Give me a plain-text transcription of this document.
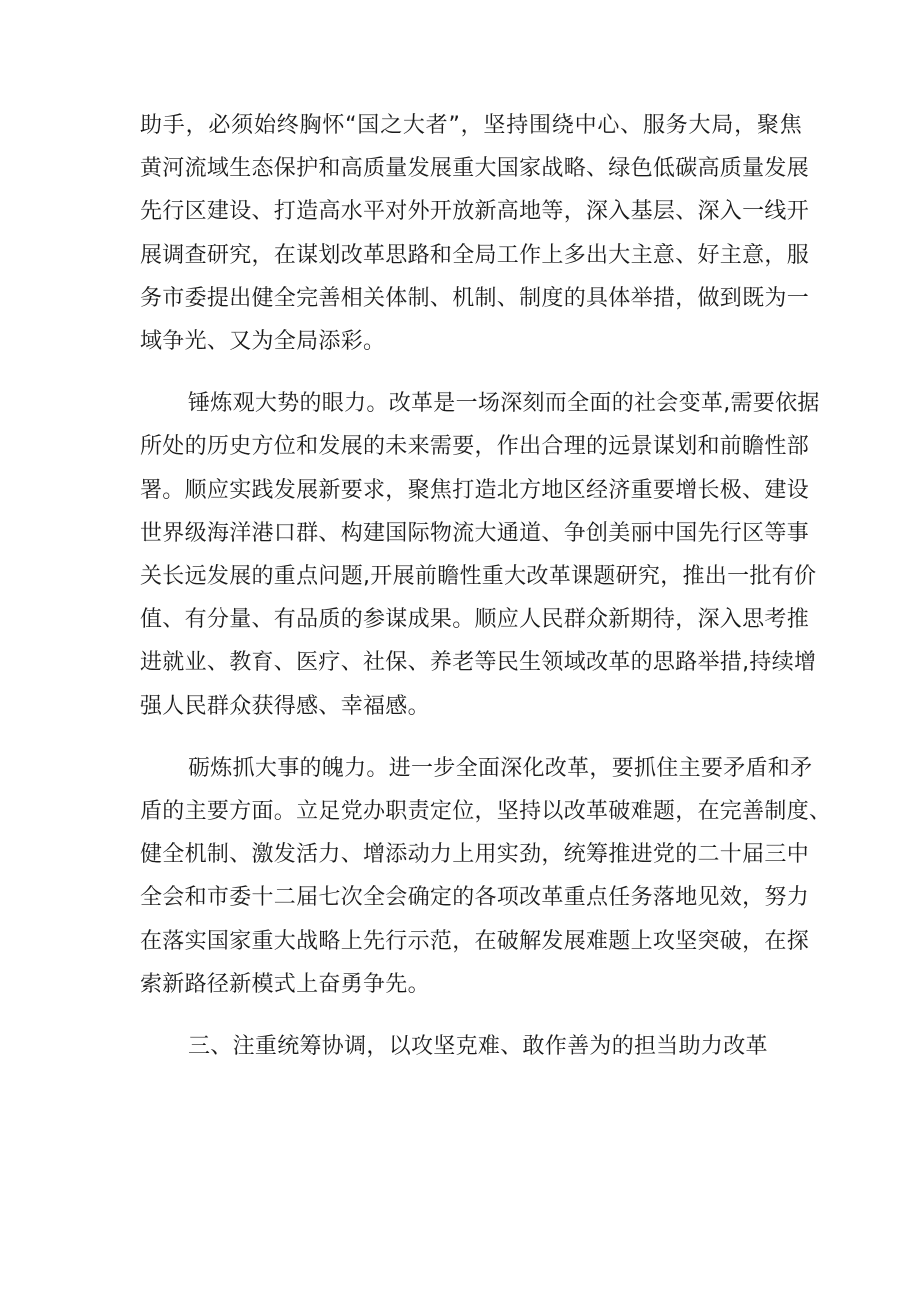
助手，必须始终胸怀“国之大者”，坚持围绕中心、服务大局，聚焦
黄河流域生态保护和高质量发展重大国家战略、绿色低碳高质量发展
先行区建设、打造高水平对外开放新高地等，深入基层、深入一线开
展调查研究，在谋划改革思路和全局工作上多出大主意、好主意，服
务市委提出健全完善相关体制、机制、制度的具体举措，做到既为一
域争光、又为全局添彩。
锤炼观大势的眼力。改革是一场深刻而全面的社会变革,需要依据
所处的历史方位和发展的未来需要，作出合理的远景谋划和前瞻性部
署。顺应实践发展新要求，聚焦打造北方地区经济重要增长极、建设
世界级海洋港口群、构建国际物流大通道、争创美丽中国先行区等事
关长远发展的重点问题,开展前瞻性重大改革课题研究，推出一批有价
值、有分量、有品质的参谋成果。顺应人民群众新期待，深入思考推
进就业、教育、医疗、社保、养老等民生领域改革的思路举措,持续增
强人民群众获得感、幸福感。
砺炼抓大事的魄力。进一步全面深化改革，要抓住主要矛盾和矛
盾的主要方面。立足党办职责定位，坚持以改革破难题，在完善制度、
健全机制、激发活力、增添动力上用实劲，统筹推进党的二十届三中
全会和市委十二届七次全会确定的各项改革重点任务落地见效，努力
在落实国家重大战略上先行示范，在破解发展难题上攻坚突破，在探
索新路径新模式上奋勇争先。
三、注重统筹协调，以攻坚克难、敢作善为的担当助力改革
